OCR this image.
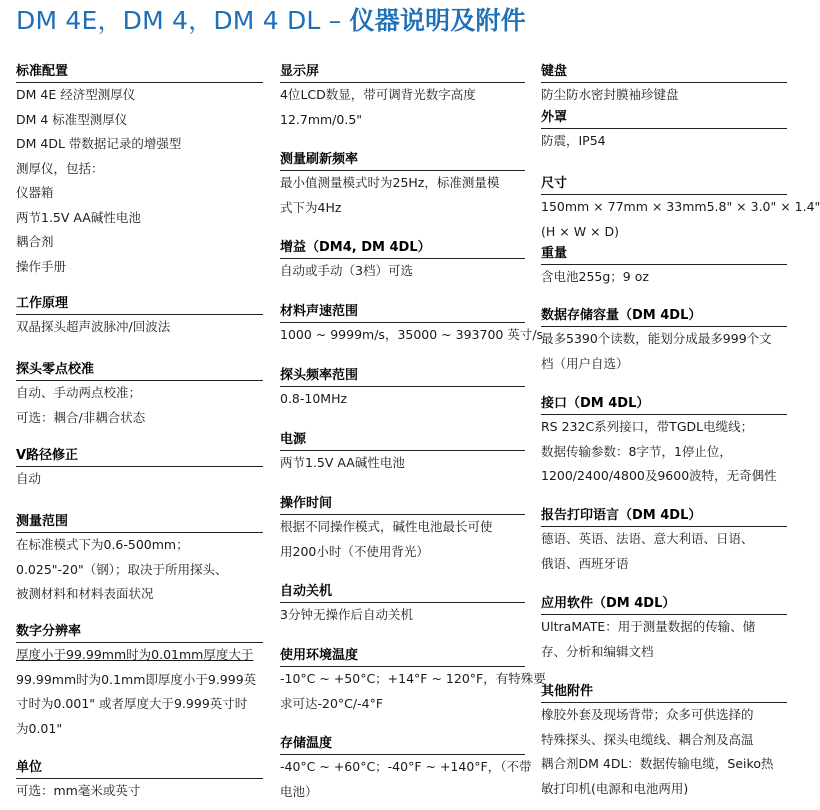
DM 4E，DM 4，DM 4 DL – 仪器说明及附件
标准配置
DM 4E 经济型测厚仪
DM 4 标准型测厚仪
DM 4DL 带数据记录的增强型
测厚仪，包括：
仪器箱
两节1.5V AA碱性电池
耦合剂
操作手册
工作原理
双晶探头超声波脉冲/回波法
探头零点校准
自动、手动两点校准；
可选：耦合/非耦合状态
V路径修正
自动
测量范围
在标准模式下为0.6-500mm；
0.025"-20"（钢）；取决于所用探头、
被测材料和材料表面状况
数字分辨率
厚度小于99.99mm时为0.01mm厚度大于
99.99mm时为0.1mm即厚度小于9.999英
寸时为0.001" 或者厚度大于9.999英寸时
为0.01"
单位
可选：mm毫米或英寸
显示屏
4位LCD数显，带可调背光数字高度
12.7mm/0.5"
测量刷新频率
最小值测量模式时为25Hz，标准测量模
式下为4Hz
增益（DM4, DM 4DL）
自动或手动（3档）可选
材料声速范围
1000 ~ 9999m/s，35000 ~ 393700 英寸/s
探头频率范围
0.8-10MHz
电源
两节1.5V AA碱性电池
操作时间
根据不同操作模式，碱性电池最长可使
用200小时（不使用背光）
自动关机
3分钟无操作后自动关机
使用环境温度
-10°C ~ +50°C；+14°F ~ 120°F，有特殊要
求可达-20°C/-4°F
存储温度
-40°C ~ +60°C；-40°F ~ +140°F，（不带
电池）
键盘
防尘防水密封膜袖珍键盘
外罩
防震，IP54
尺寸
150mm × 77mm × 33mm5.8" × 3.0" × 1.4"
(H × W × D)
重量
含电池255g；9 oz
数据存储容量（DM 4DL）
最多5390个读数，能划分成最多999个文
档（用户自选）
接口（DM 4DL）
RS 232C系列接口，带TGDL电缆线；
数据传输参数：8字节，1停止位，
1200/2400/4800及9600波特，无奇偶性
报告打印语言（DM 4DL）
德语、英语、法语、意大利语、日语、
俄语、西班牙语
应用软件（DM 4DL）
UltraMATE：用于测量数据的传输、储
存、分析和编辑文档
其他附件
橡胶外套及现场背带；众多可供选择的
特殊探头、探头电缆线、耦合剂及高温
耦合剂DM 4DL：数据传输电缆，Seiko热
敏打印机(电源和电池两用)
